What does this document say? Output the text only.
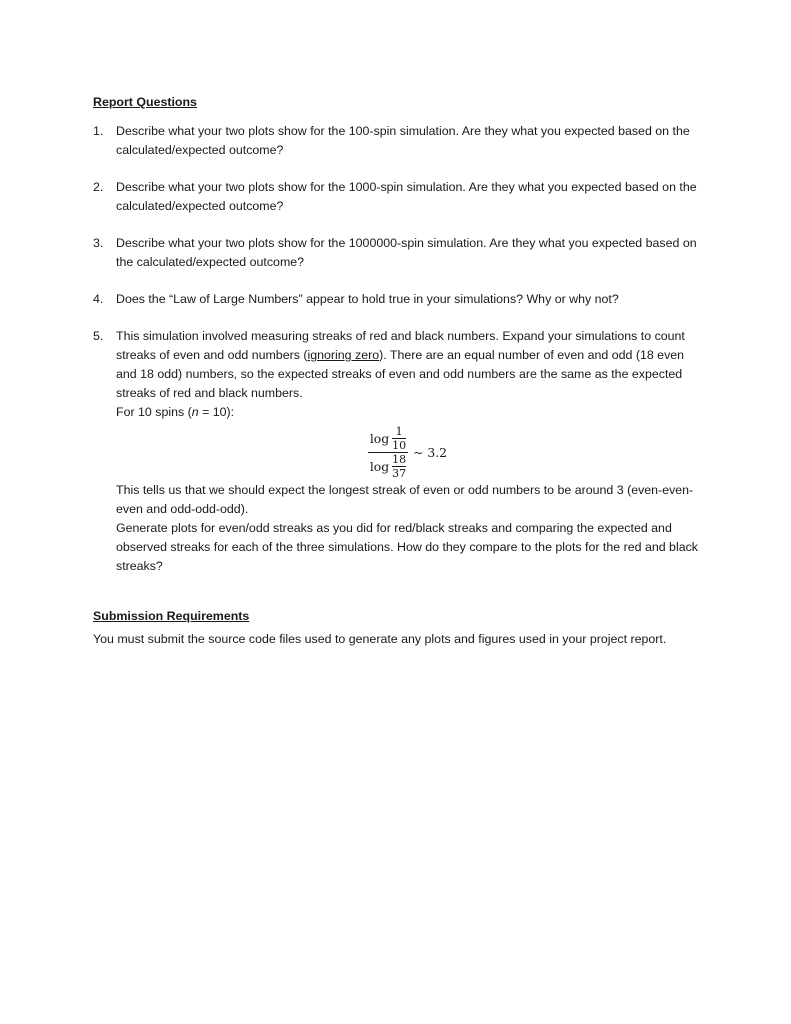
Report Questions

1. Describe what your two plots show for the 100-spin simulation. Are they what you expected based on the calculated/expected outcome?

2. Describe what your two plots show for the 1000-spin simulation. Are they what you expected based on the calculated/expected outcome?

3. Describe what your two plots show for the 1000000-spin simulation. Are they what you expected based on the calculated/expected outcome?

4. Does the “Law of Large Numbers” appear to hold true in your simulations? Why or why not?

5. This simulation involved measuring streaks of red and black numbers. Expand your simulations to count streaks of even and odd numbers (ignoring zero). There are an equal number of even and odd (18 even and 18 odd) numbers, so the expected streaks of even and odd numbers are the same as the expected streaks of red and black numbers.

For 10 spins (n = 10):

$\log \frac{1}{10}$
$\log \frac{18}{37}$
~ 3.2

This tells us that we should expect the longest streak of even or odd numbers to be around 3 (even-even-even and odd-odd-odd).

Generate plots for even/odd streaks as you did for red/black streaks and comparing the expected and observed streaks for each of the three simulations. How do they compare to the plots for the red and black streaks?

Submission Requirements

You must submit the source code files used to generate any plots and figures used in your project report.
